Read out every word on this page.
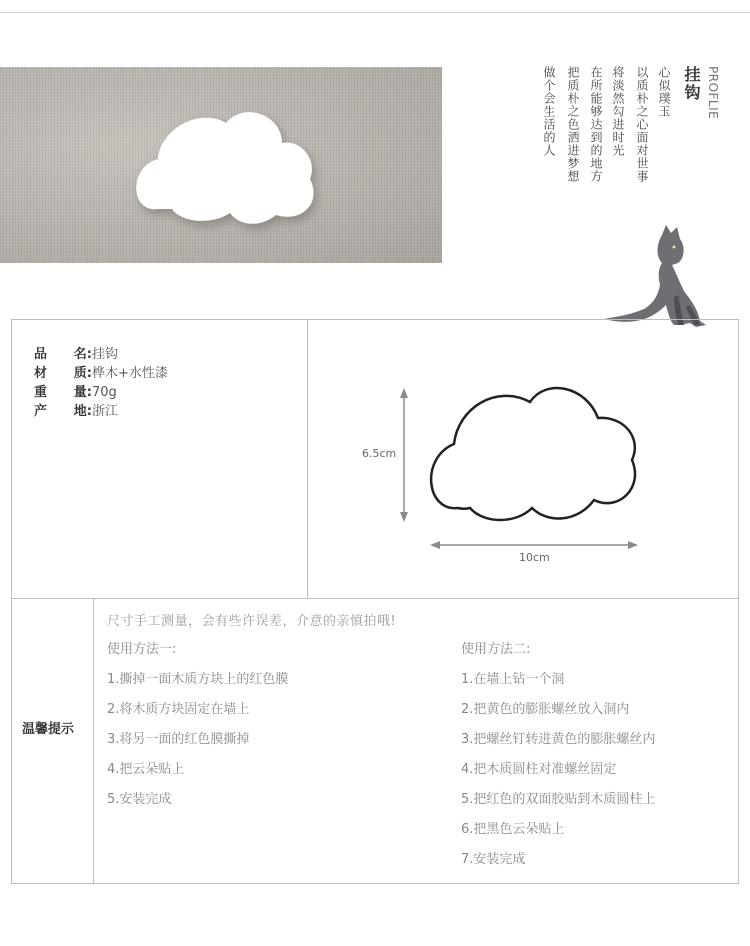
PROFLIE
挂钩
心似璞玉
以质朴之心面对世事
将淡然勾进时光
在所能够达到的地方
把质朴之色洒进梦想
做个会生活的人
品 名: 挂钩
材 质: 桦木+水性漆
重 量: 70g
产 地: 浙江
6.5cm
10cm
温馨提示
尺寸手工测量，会有些许误差，介意的亲慎拍哦!
使用方法一:
1.撕掉一面木质方块上的红色膜
2.将木质方块固定在墙上
3.将另一面的红色膜撕掉
4.把云朵贴上
5.安装完成
使用方法二:
1.在墙上钻一个洞
2.把黄色的膨胀螺丝放入洞内
3.把螺丝钉转进黄色的膨胀螺丝内
4.把木质圆柱对准螺丝固定
5.把红色的双面胶贴到木质圆柱上
6.把黑色云朵贴上
7.安装完成
